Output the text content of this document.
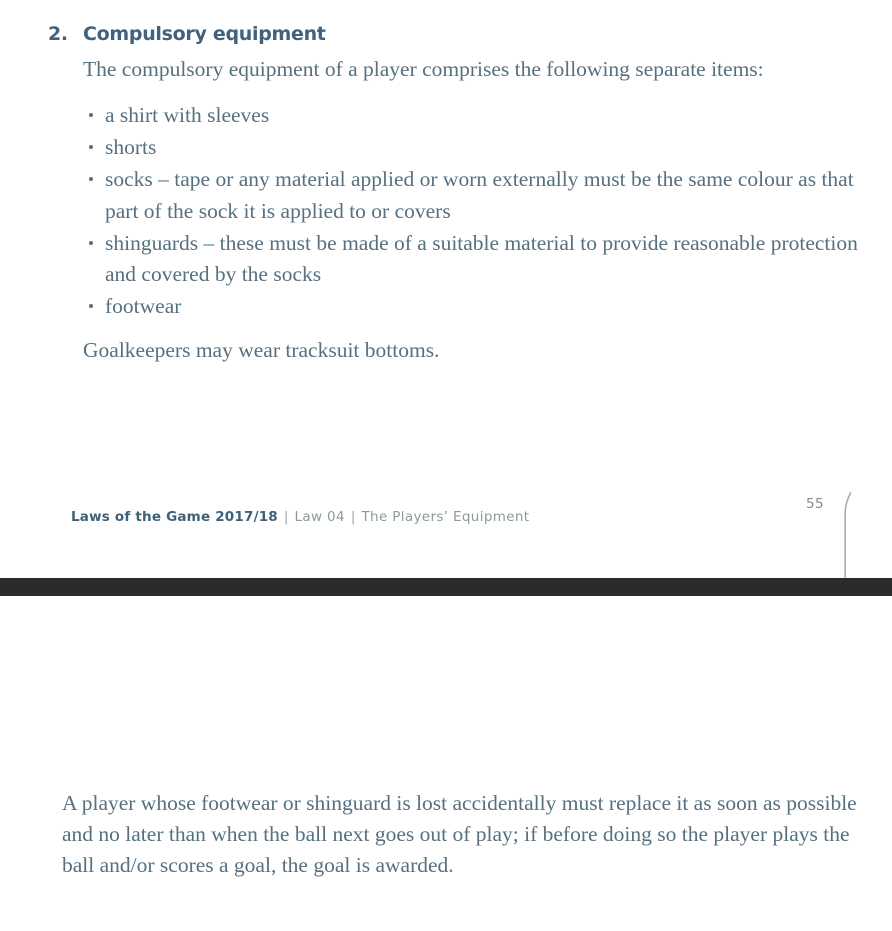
2. Compulsory equipment
The compulsory equipment of a player comprises the following separate items:
a shirt with sleeves
shorts
socks – tape or any material applied or worn externally must be the same colour as that part of the sock it is applied to or covers
shinguards – these must be made of a suitable material to provide reasonable protection and covered by the socks
footwear
Goalkeepers may wear tracksuit bottoms.
Laws of the Game 2017/18 | Law 04 | The Players’ Equipment
55
A player whose footwear or shinguard is lost accidentally must replace it as soon as possible and no later than when the ball next goes out of play; if before doing so the player plays the ball and/or scores a goal, the goal is awarded.
